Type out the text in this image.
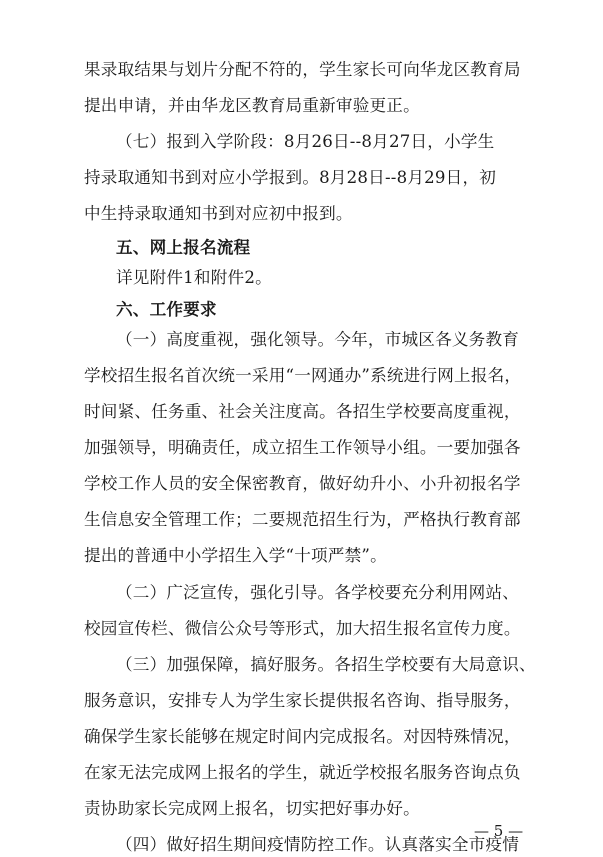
果录取结果与划片分配不符的，学生家长可向华龙区教育局
提出申请，并由华龙区教育局重新审验更正。
（七）报到入学阶段：8月26日--8月27日，小学生
持录取通知书到对应小学报到。8月28日--8月29日，初
中生持录取通知书到对应初中报到。
五、网上报名流程
详见附件1和附件2。
六、工作要求
（一）高度重视，强化领导。今年，市城区各义务教育
学校招生报名首次统一采用“一网通办”系统进行网上报名，
时间紧、任务重、社会关注度高。各招生学校要高度重视，
加强领导，明确责任，成立招生工作领导小组。一要加强各
学校工作人员的安全保密教育，做好幼升小、小升初报名学
生信息安全管理工作；二要规范招生行为，严格执行教育部
提出的普通中小学招生入学“十项严禁”。
（二）广泛宣传，强化引导。各学校要充分利用网站、
校园宣传栏、微信公众号等形式，加大招生报名宣传力度。
（三）加强保障，搞好服务。各招生学校要有大局意识、
服务意识，安排专人为学生家长提供报名咨询、指导服务，
确保学生家长能够在规定时间内完成报名。对因特殊情况，
在家无法完成网上报名的学生，就近学校报名服务咨询点负
责协助家长完成网上报名，切实把好事办好。
（四）做好招生期间疫情防控工作。认真落实全市疫情
— 5 —
